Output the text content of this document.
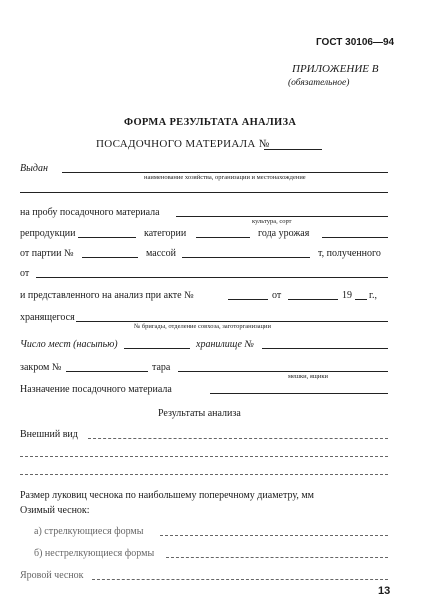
ГОСТ 30106—94
ПРИЛОЖЕНИЕ В
(обязательное)
ФОРМА РЕЗУЛЬТАТА АНАЛИЗА
ПОСАДОЧНОГО МАТЕРИАЛА №
Выдан
наименование хозяйства, организации и местонахождение
на пробу посадочного материала
культура, сорт
репродукции	категории	года урожая
от партии №	массой	т, полученного
от
и представленного на анализ при акте №	от	19 г.,
хранящегося
№ бригады, отделение совхоза, заготорганизации
Число мест (насыпью)	хранилище №
закром №	тара
мешки, ящики
Назначение посадочного материала
Результаты анализа
Внешний вид
Размер луковиц чеснока по наибольшему поперечному диаметру, мм
Озимый чеснок:
а) стрелкующиеся формы
б) нестрелкующиеся формы
Яровой чеснок
13
